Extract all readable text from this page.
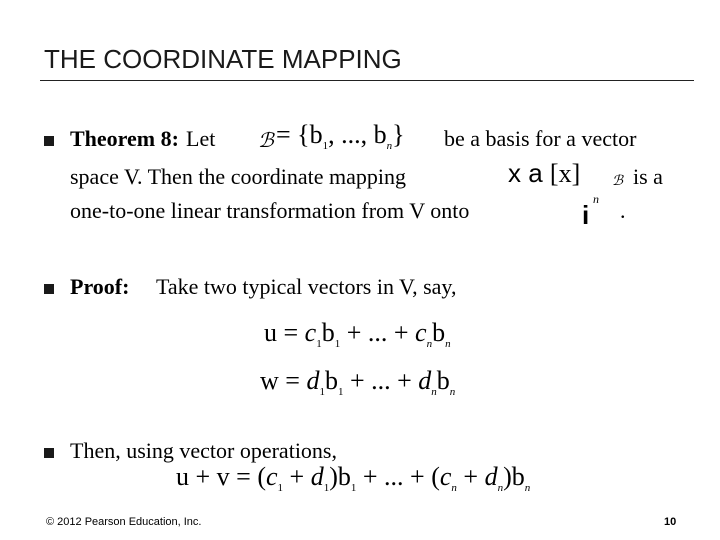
THE COORDINATE MAPPING
Theorem 8: Let ℬ = {$b_1$, ..., $b_n$} be a basis for a vector
space V. Then the coordinate mapping	x a [x] ℬ is a
one-to-one linear transformation from V onto	i
n .
Proof: Take two typical vectors in V, say,
$u = c_1b_1$ + ... + $c_nb_n$
$w = d_1b_1$ + ... + $d_nb_n$
Then, using vector operations,
$u + v = (c_1 + d_1)b_1$ + ... + $(c_n + d_n)b_n$
© 2012 Pearson Education, Inc.	10
